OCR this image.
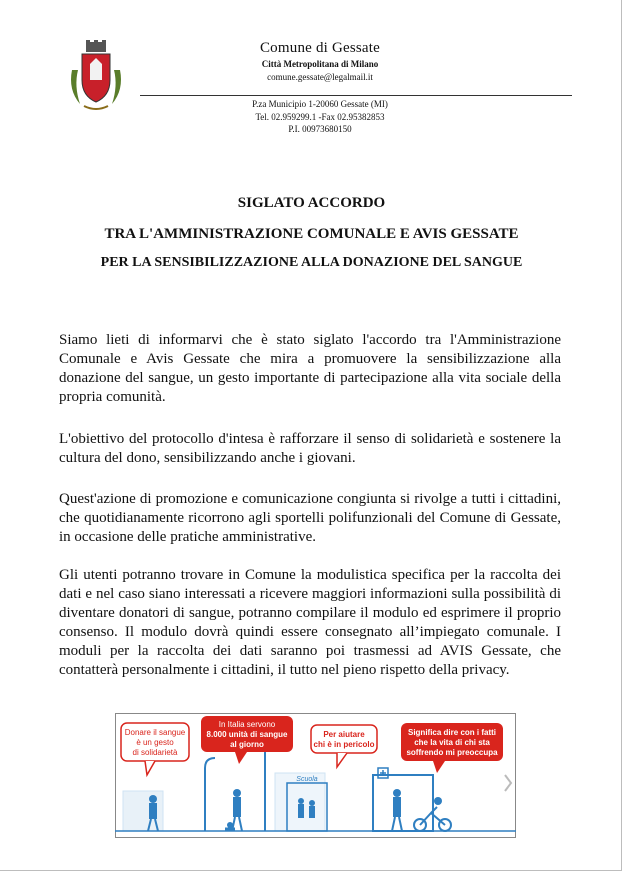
Comune di Gessate
Città Metropolitana di Milano
comune.gessate@legalmail.it
P.za Municipio 1-20060 Gessate (MI)
Tel. 02.959299.1 -Fax 02.95382853
P.I. 00973680150
SIGLATO ACCORDO
TRA L'AMMINISTRAZIONE COMUNALE E AVIS GESSATE
PER LA SENSIBILIZZAZIONE ALLA DONAZIONE DEL SANGUE

Siamo lieti di informarvi che è stato siglato l'accordo tra l'Amministrazione Comunale e Avis Gessate che mira a promuovere la sensibilizzazione alla donazione del sangue, un gesto importante di partecipazione alla vita sociale della propria comunità.

L'obiettivo del protocollo d'intesa è rafforzare il senso di solidarietà e sostenere la cultura del dono, sensibilizzando anche i giovani.

Quest'azione di promozione e comunicazione congiunta si rivolge a tutti i cittadini, che quotidianamente ricorrono agli sportelli polifunzionali del Comune di Gessate, in occasione delle pratiche amministrative.

Gli utenti potranno trovare in Comune la modulistica specifica per la raccolta dei dati e nel caso siano interessati a ricevere maggiori informazioni sulla possibilità di diventare donatori di sangue, potranno compilare il modulo ed esprimere il proprio consenso. Il modulo dovrà quindi essere consegnato all’impiegato comunale. I moduli per la raccolta dei dati saranno poi trasmessi ad AVIS Gessate, che contatterà personalmente i cittadini, il tutto nel pieno rispetto della privacy.

Scuola
Donare il sangue
è un gesto
di solidarietà
In Italia servono
8.000 unità di sangue
al giorno
Per aiutare
chi è in pericolo
Significa dire con i fatti
che la vita di chi sta
soffrendo mi preoccupa
